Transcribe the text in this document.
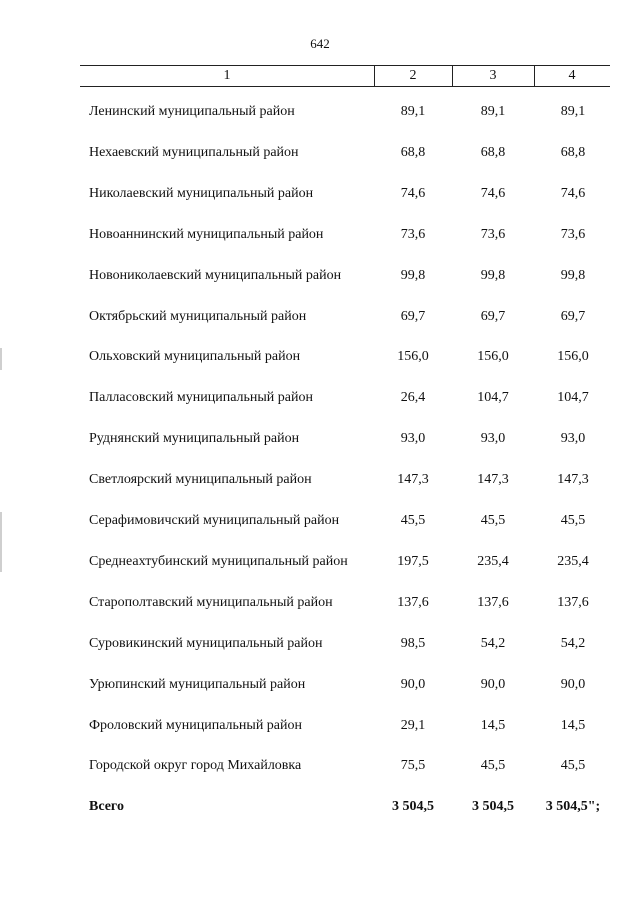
642
1	2	3	4
Ленинский муниципальный район	89,1	89,1	89,1
Нехаевский муниципальный район	68,8	68,8	68,8
Николаевский муниципальный район	74,6	74,6	74,6
Новоаннинский муниципальный район	73,6	73,6	73,6
Новониколаевский муниципальный район	99,8	99,8	99,8
Октябрьский муниципальный район	69,7	69,7	69,7
Ольховский муниципальный район	156,0	156,0	156,0
Палласовский муниципальный район	26,4	104,7	104,7
Руднянский муниципальный район	93,0	93,0	93,0
Светлоярский муниципальный район	147,3	147,3	147,3
Серафимовичский муниципальный район	45,5	45,5	45,5
Среднеахтубинский муниципальный район	197,5	235,4	235,4
Старополтавский муниципальный район	137,6	137,6	137,6
Суровикинский муниципальный район	98,5	54,2	54,2
Урюпинский муниципальный район	90,0	90,0	90,0
Фроловский муниципальный район	29,1	14,5	14,5
Городской округ город Михайловка	75,5	45,5	45,5
Всего	3 504,5	3 504,5	3 504,5";
